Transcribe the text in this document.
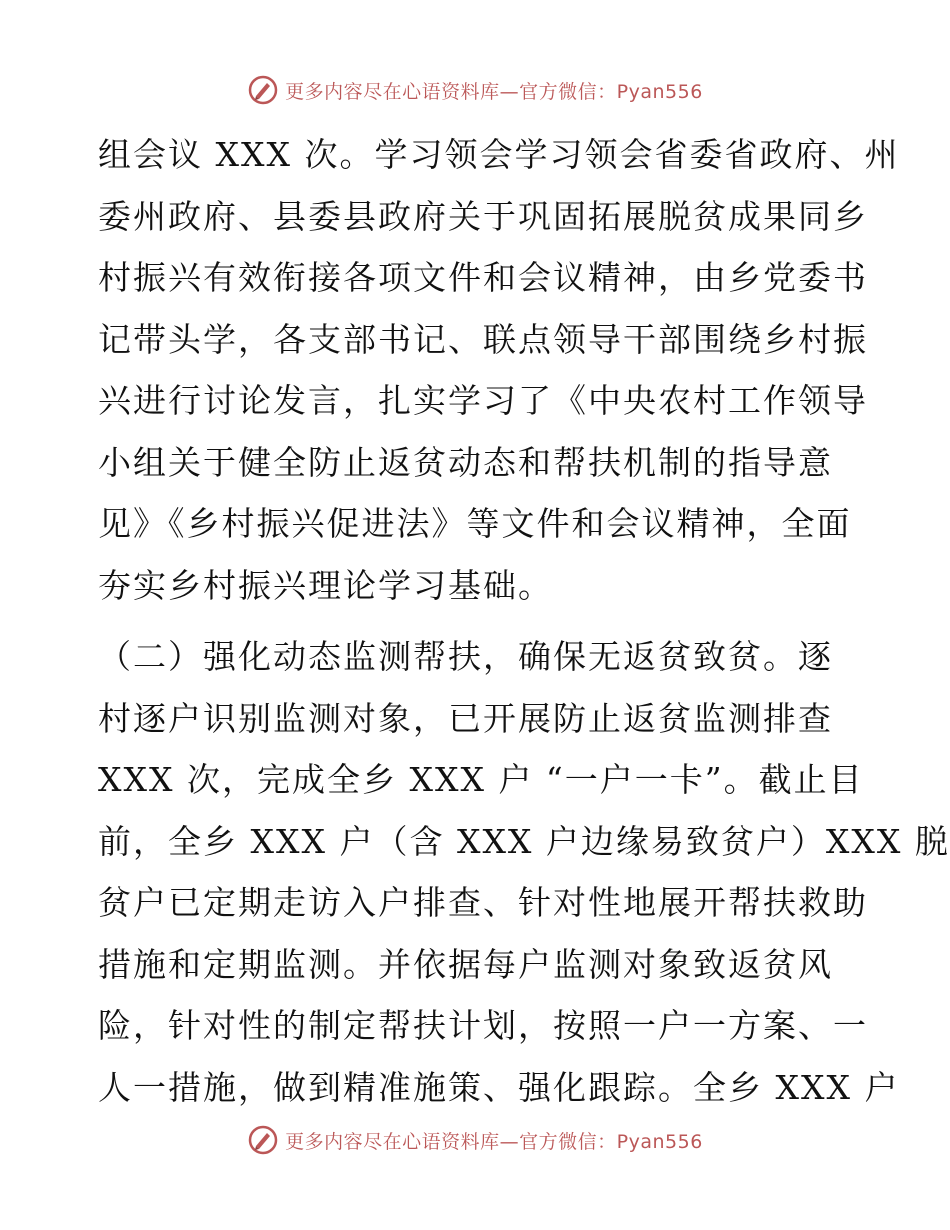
更多内容尽在心语资料库—官方微信：Pyan556
组会议 XXX 次。学习领会学习领会省委省政府、州
委州政府、县委县政府关于巩固拓展脱贫成果同乡
村振兴有效衔接各项文件和会议精神，由乡党委书
记带头学，各支部书记、联点领导干部围绕乡村振
兴进行讨论发言，扎实学习了《中央农村工作领导
小组关于健全防止返贫动态和帮扶机制的指导意
见》《乡村振兴促进法》等文件和会议精神，全面
夯实乡村振兴理论学习基础。
（二）强化动态监测帮扶，确保无返贫致贫。逐
村逐户识别监测对象，已开展防止返贫监测排查
XXX 次，完成全乡 XXX 户 “一户一卡”。截止目
前，全乡 XXX 户（含 XXX 户边缘易致贫户）XXX 脱
贫户已定期走访入户排查、针对性地展开帮扶救助
措施和定期监测。并依据每户监测对象致返贫风
险，针对性的制定帮扶计划，按照一户一方案、一
人一措施，做到精准施策、强化跟踪。全乡 XXX 户
更多内容尽在心语资料库—官方微信：Pyan556
